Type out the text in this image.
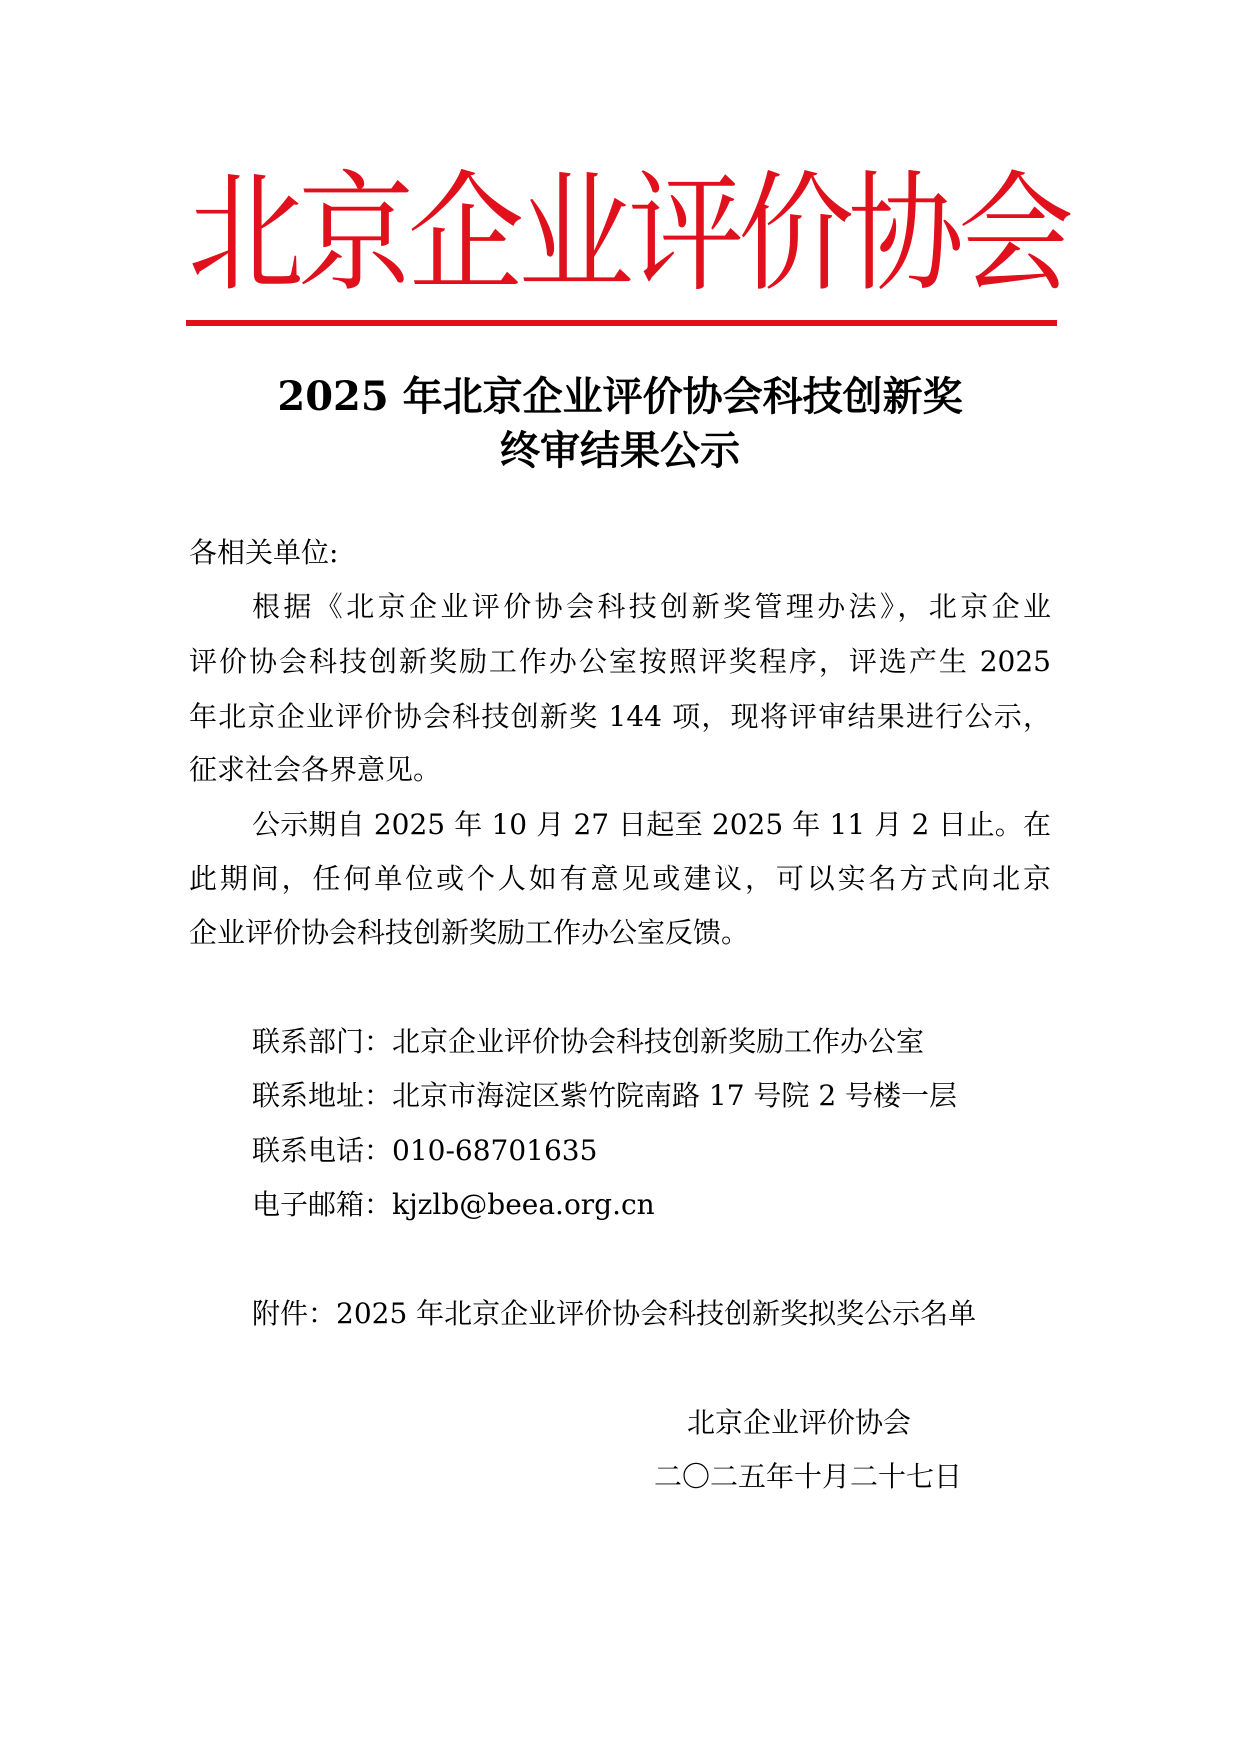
北京企业评价协会
2025 年北京企业评价协会科技创新奖
终审结果公示
各相关单位:
根据《北京企业评价协会科技创新奖管理办法》，北京企业
评价协会科技创新奖励工作办公室按照评奖程序，评选产生 2025
年北京企业评价协会科技创新奖 144 项，现将评审结果进行公示，
征求社会各界意见。
公示期自 2025 年 10 月 27 日起至 2025 年 11 月 2 日止。在
此期间，任何单位或个人如有意见或建议，可以实名方式向北京
企业评价协会科技创新奖励工作办公室反馈。
联系部门：北京企业评价协会科技创新奖励工作办公室
联系地址：北京市海淀区紫竹院南路 17 号院 2 号楼一层
联系电话：010-68701635
电子邮箱：kjzlb@beea.org.cn
附件：2025 年北京企业评价协会科技创新奖拟奖公示名单
北京企业评价协会
二〇二五年十月二十七日
